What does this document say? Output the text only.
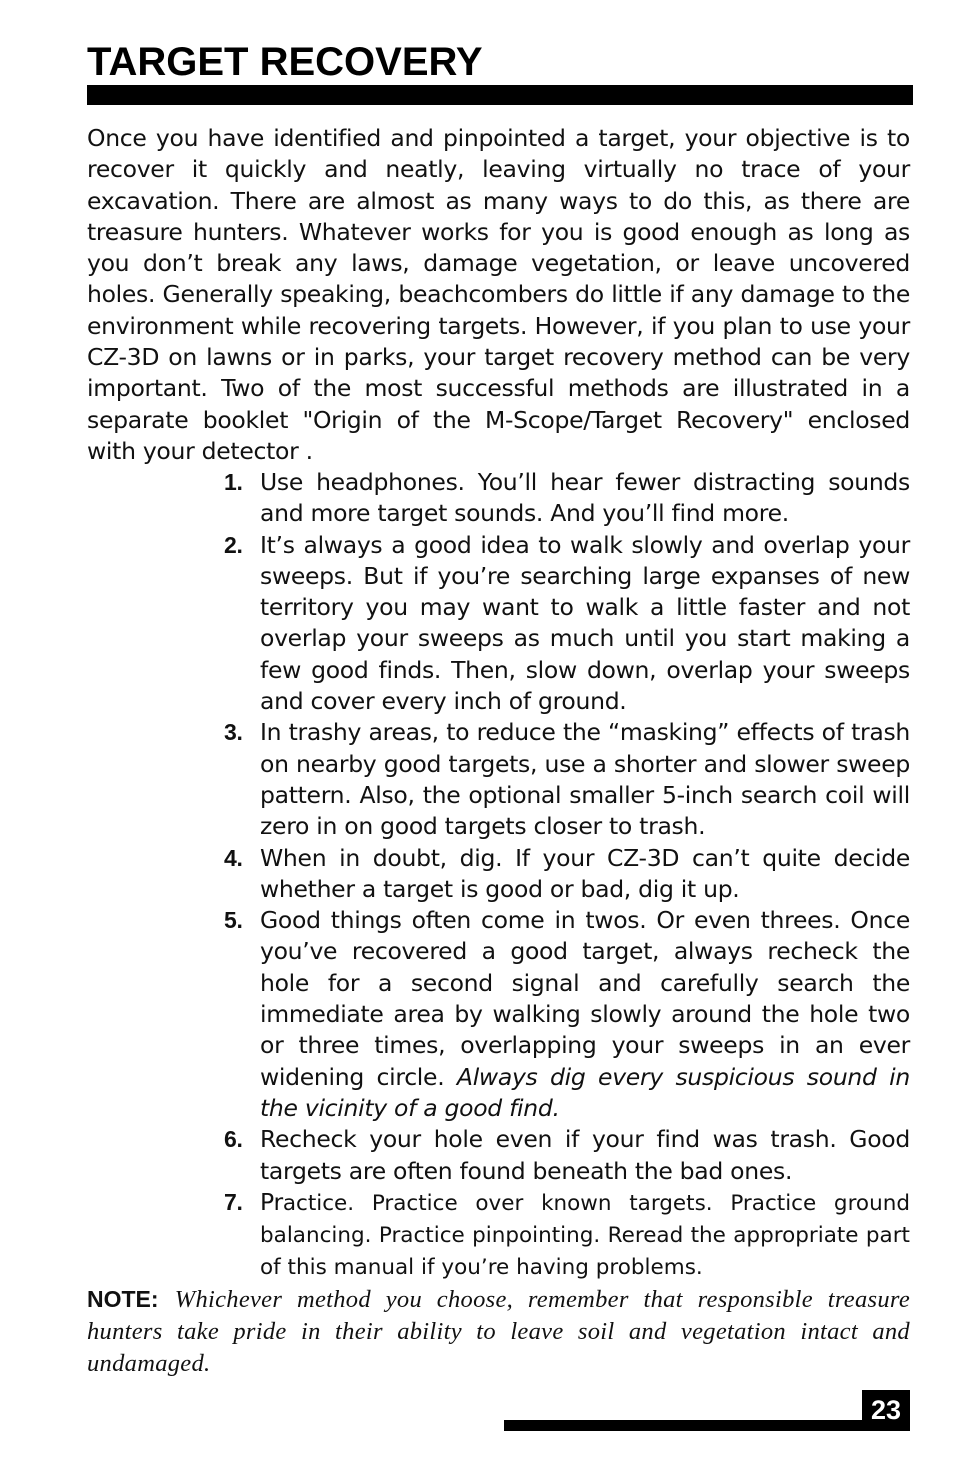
TARGET RECOVERY

Once you have identified and pinpointed a target, your objective is to recover it quickly and neatly, leaving virtually no trace of your excavation. There are almost as many ways to do this, as there are treasure hunters. Whatever works for you is good enough as long as you don’t break any laws, damage vegetation, or leave uncovered holes. Generally speaking, beachcombers do little if any damage to the environment while recovering targets. However, if you plan to use your CZ-3D on lawns or in parks, your target recovery method can be very important. Two of the most successful methods are illustrated in a separate booklet "Origin of the M-Scope/Target Recovery" enclosed with your detector .

1. Use headphones. You’ll hear fewer distracting sounds and more target sounds. And you’ll find more.
2. It’s always a good idea to walk slowly and overlap your sweeps. But if you’re searching large expanses of new territory you may want to walk a little faster and not overlap your sweeps as much until you start making a few good finds. Then, slow down, overlap your sweeps and cover every inch of ground.
3. In trashy areas, to reduce the “masking” effects of trash on nearby good targets, use a shorter and slower sweep pattern. Also, the optional smaller 5-inch search coil will zero in on good targets closer to trash.
4. When in doubt, dig. If your CZ-3D can’t quite decide whether a target is good or bad, dig it up.
5. Good things often come in twos. Or even threes. Once you’ve recovered a good target, always recheck the hole for a second signal and carefully search the immediate area by walking slowly around the hole two or three times, overlapping your sweeps in an ever widening circle. Always dig every suspicious sound in the vicinity of a good find.
6. Recheck your hole even if your find was trash. Good targets are often found beneath the bad ones.
7. Practice. Practice over known targets. Practice ground balancing. Practice pinpointing. Reread the appropriate part of this manual if you’re having problems.

NOTE: Whichever method you choose, remember that responsible treasure hunters take pride in their ability to leave soil and vegetation intact and undamaged.

23
